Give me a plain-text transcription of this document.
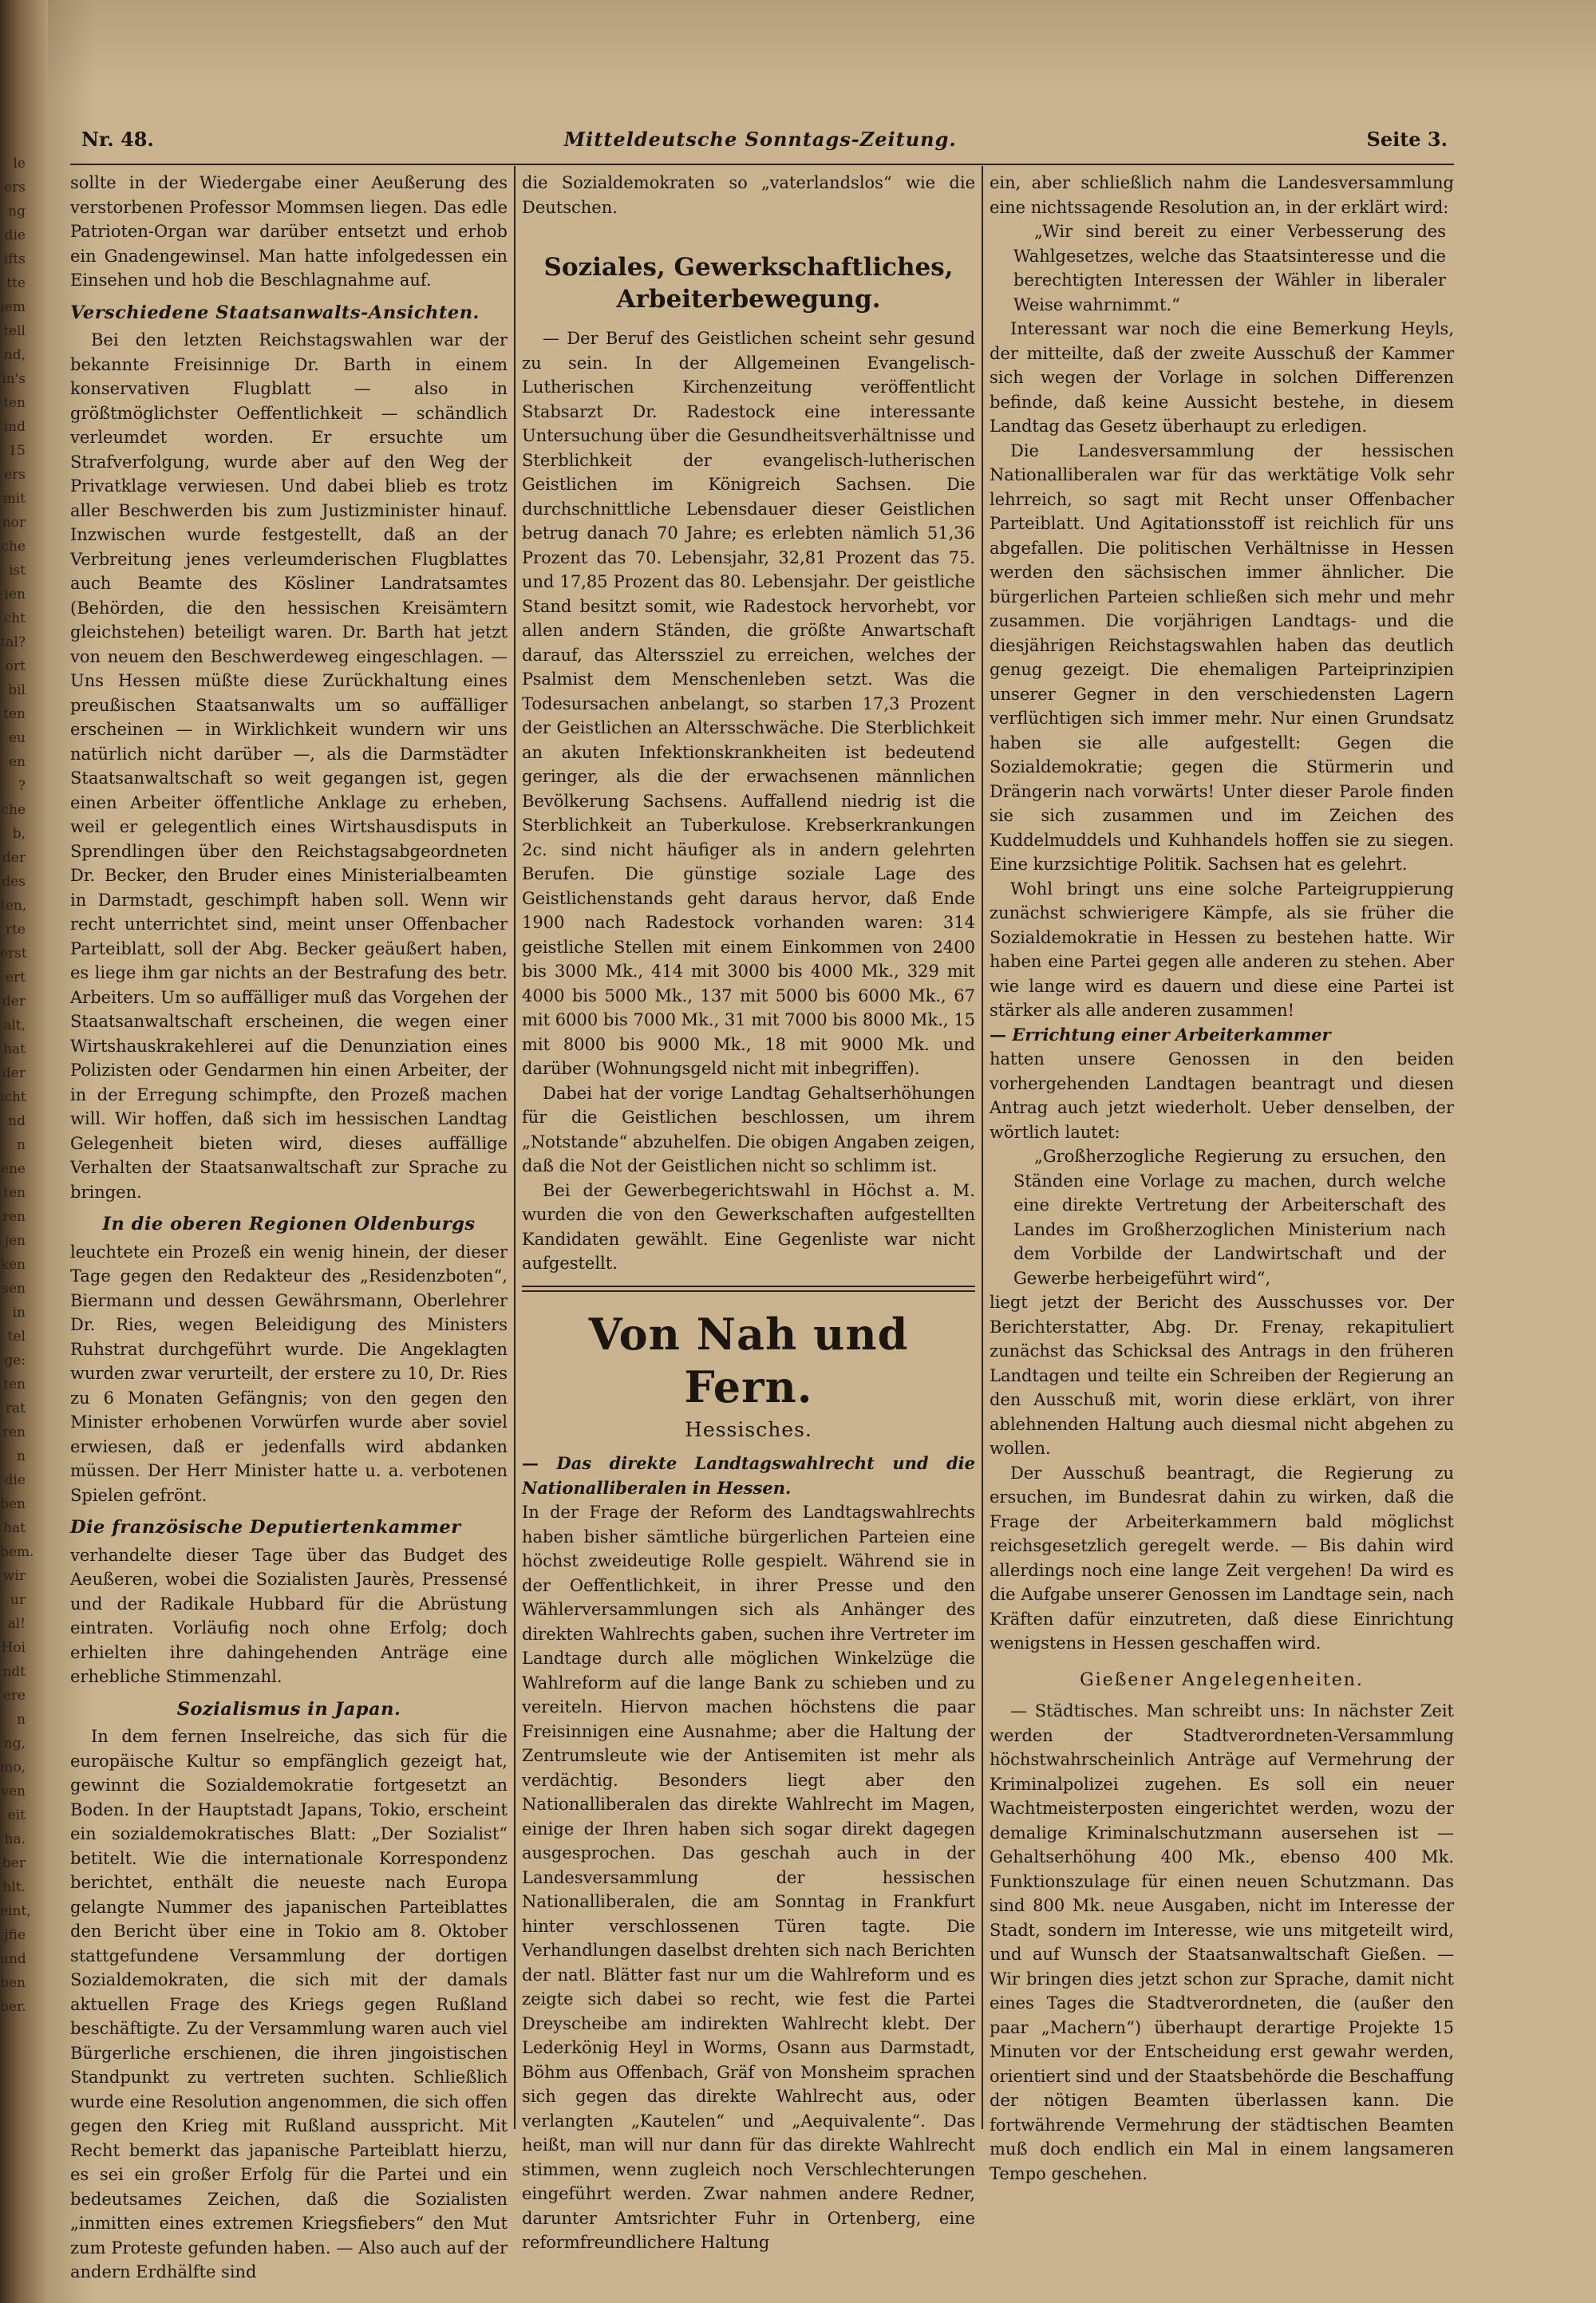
le ers ng die ifts tte iem tell nd, in's ten ind 15 ers mit nor che ist ien cht tal? ort bil ten eu en ? che b, der des ten, rte erst ert der alt, hat der icht nd n ene ten ren jen ken sen in tel ge: ten rat ren n die ben hat bem. wir ur al! Hoi ndt ere n ng, mo, ven eit ha. ber hlt. eint, jfie und ben ber.
Nr. 48.	Mitteldeutsche Sonntags-Zeitung.	Seite 3.

sollte in der Wiedergabe einer Aeußerung des verstorbenen Professor Mommsen liegen. Das edle Patrioten-Organ war darüber entsetzt und erhob ein Gnadengewinsel. Man hatte infolgedessen ein Einsehen und hob die Beschlagnahme auf.

Verschiedene Staatsanwalts-Ansichten.

Bei den letzten Reichstagswahlen war der bekannte Freisinnige Dr. Barth in einem konservativen Flugblatt — also in größtmöglichster Oeffentlichkeit — schändlich verleumdet worden. Er ersuchte um Strafverfolgung, wurde aber auf den Weg der Privatklage verwiesen. Und dabei blieb es trotz aller Beschwerden bis zum Justizminister hinauf. Inzwischen wurde festgestellt, daß an der Verbreitung jenes verleumderischen Flugblattes auch Beamte des Kösliner Landratsamtes (Behörden, die den hessischen Kreisämtern gleichstehen) beteiligt waren. Dr. Barth hat jetzt von neuem den Beschwerdeweg eingeschlagen. — Uns Hessen müßte diese Zurückhaltung eines preußischen Staatsanwalts um so auffälliger erscheinen — in Wirklichkeit wundern wir uns natürlich nicht darüber —, als die Darmstädter Staatsanwaltschaft so weit gegangen ist, gegen einen Arbeiter öffentliche Anklage zu erheben, weil er gelegentlich eines Wirtshausdisputs in Sprendlingen über den Reichstagsabgeordneten Dr. Becker, den Bruder eines Ministerialbeamten in Darmstadt, geschimpft haben soll. Wenn wir recht unterrichtet sind, meint unser Offenbacher Parteiblatt, soll der Abg. Becker geäußert haben, es liege ihm gar nichts an der Bestrafung des betr. Arbeiters. Um so auffälliger muß das Vorgehen der Staatsanwaltschaft erscheinen, die wegen einer Wirtshauskrakehlerei auf die Denunziation eines Polizisten oder Gendarmen hin einen Arbeiter, der in der Erregung schimpfte, den Prozeß machen will. Wir hoffen, daß sich im hessischen Landtag Gelegenheit bieten wird, dieses auffällige Verhalten der Staatsanwaltschaft zur Sprache zu bringen.

In die oberen Regionen Oldenburgs

leuchtete ein Prozeß ein wenig hinein, der dieser Tage gegen den Redakteur des „Residenzboten“, Biermann und dessen Gewährsmann, Oberlehrer Dr. Ries, wegen Beleidigung des Ministers Ruhstrat durchgeführt wurde. Die Angeklagten wurden zwar verurteilt, der erstere zu 10, Dr. Ries zu 6 Monaten Gefängnis; von den gegen den Minister erhobenen Vorwürfen wurde aber soviel erwiesen, daß er jedenfalls wird abdanken müssen. Der Herr Minister hatte u. a. verbotenen Spielen gefrönt.

Die französische Deputiertenkammer

verhandelte dieser Tage über das Budget des Aeußeren, wobei die Sozialisten Jaurès, Pressensé und der Radikale Hubbard für die Abrüstung eintraten. Vorläufig noch ohne Erfolg; doch erhielten ihre dahingehenden Anträge eine erhebliche Stimmenzahl.

Sozialismus in Japan.

In dem fernen Inselreiche, das sich für die europäische Kultur so empfänglich gezeigt hat, gewinnt die Sozialdemokratie fortgesetzt an Boden. In der Hauptstadt Japans, Tokio, erscheint ein sozialdemokratisches Blatt: „Der Sozialist“ betitelt. Wie die internationale Korrespondenz berichtet, enthält die neueste nach Europa gelangte Nummer des japanischen Parteiblattes den Bericht über eine in Tokio am 8. Oktober stattgefundene Versammlung der dortigen Sozialdemokraten, die sich mit der damals aktuellen Frage des Kriegs gegen Rußland beschäftigte. Zu der Versammlung waren auch viel Bürgerliche erschienen, die ihren jingoistischen Standpunkt zu vertreten suchten. Schließlich wurde eine Resolution angenommen, die sich offen gegen den Krieg mit Rußland ausspricht. Mit Recht bemerkt das japanische Parteiblatt hierzu, es sei ein großer Erfolg für die Partei und ein bedeutsames Zeichen, daß die Sozialisten „inmitten eines extremen Kriegsfiebers“ den Mut zum Proteste gefunden haben. — Also auch auf der andern Erdhälfte sind

die Sozialdemokraten so „vaterlandslos“ wie die Deutschen.

Soziales, Gewerkschaftliches, Arbeiterbewegung.

— Der Beruf des Geistlichen scheint sehr gesund zu sein. In der Allgemeinen Evangelisch-Lutherischen Kirchenzeitung veröffentlicht Stabsarzt Dr. Radestock eine interessante Untersuchung über die Gesundheitsverhältnisse und Sterblichkeit der evangelisch-lutherischen Geistlichen im Königreich Sachsen. Die durchschnittliche Lebensdauer dieser Geistlichen betrug danach 70 Jahre; es erlebten nämlich 51,36 Prozent das 70. Lebensjahr, 32,81 Prozent das 75. und 17,85 Prozent das 80. Lebensjahr. Der geistliche Stand besitzt somit, wie Radestock hervorhebt, vor allen andern Ständen, die größte Anwartschaft darauf, das Alterssziel zu erreichen, welches der Psalmist dem Menschenleben setzt. Was die Todesursachen anbelangt, so starben 17,3 Prozent der Geistlichen an Altersschwäche. Die Sterblichkeit an akuten Infektionskrankheiten ist bedeutend geringer, als die der erwachsenen männlichen Bevölkerung Sachsens. Auffallend niedrig ist die Sterblichkeit an Tuberkulose. Krebserkrankungen 2c. sind nicht häufiger als in andern gelehrten Berufen. Die günstige soziale Lage des Geistlichenstands geht daraus hervor, daß Ende 1900 nach Radestock vorhanden waren: 314 geistliche Stellen mit einem Einkommen von 2400 bis 3000 Mk., 414 mit 3000 bis 4000 Mk., 329 mit 4000 bis 5000 Mk., 137 mit 5000 bis 6000 Mk., 67 mit 6000 bis 7000 Mk., 31 mit 7000 bis 8000 Mk., 15 mit 8000 bis 9000 Mk., 18 mit 9000 Mk. und darüber (Wohnungsgeld nicht mit inbegriffen).

Dabei hat der vorige Landtag Gehaltserhöhungen für die Geistlichen beschlossen, um ihrem „Notstande“ abzuhelfen. Die obigen Angaben zeigen, daß die Not der Geistlichen nicht so schlimm ist.

Bei der Gewerbegerichtswahl in Höchst a. M. wurden die von den Gewerkschaften aufgestellten Kandidaten gewählt. Eine Gegenliste war nicht aufgestellt.

Von Nah und Fern.
Hessisches.

— Das direkte Landtagswahlrecht und die Nationalliberalen in Hessen.

In der Frage der Reform des Landtagswahlrechts haben bisher sämtliche bürgerlichen Parteien eine höchst zweideutige Rolle gespielt. Während sie in der Oeffentlichkeit, in ihrer Presse und den Wählerversammlungen sich als Anhänger des direkten Wahlrechts gaben, suchen ihre Vertreter im Landtage durch alle möglichen Winkelzüge die Wahlreform auf die lange Bank zu schieben und zu vereiteln. Hiervon machen höchstens die paar Freisinnigen eine Ausnahme; aber die Haltung der Zentrumsleute wie der Antisemiten ist mehr als verdächtig. Besonders liegt aber den Nationalliberalen das direkte Wahlrecht im Magen, einige der Ihren haben sich sogar direkt dagegen ausgesprochen. Das geschah auch in der Landesversammlung der hessischen Nationalliberalen, die am Sonntag in Frankfurt hinter verschlossenen Türen tagte. Die Verhandlungen daselbst drehten sich nach Berichten der natl. Blätter fast nur um die Wahlreform und es zeigte sich dabei so recht, wie fest die Partei Dreyscheibe am indirekten Wahlrecht klebt. Der Lederkönig Heyl in Worms, Osann aus Darmstadt, Böhm aus Offenbach, Gräf von Monsheim sprachen sich gegen das direkte Wahlrecht aus, oder verlangten „Kautelen“ und „Aequivalente“. Das heißt, man will nur dann für das direkte Wahlrecht stimmen, wenn zugleich noch Verschlechterungen eingeführt werden. Zwar nahmen andere Redner, darunter Amtsrichter Fuhr in Ortenberg, eine reformfreundlichere Haltung

ein, aber schließlich nahm die Landesversammlung eine nichtssagende Resolution an, in der erklärt wird:

„Wir sind bereit zu einer Verbesserung des Wahlgesetzes, welche das Staatsinteresse und die berechtigten Interessen der Wähler in liberaler Weise wahrnimmt.“

Interessant war noch die eine Bemerkung Heyls, der mitteilte, daß der zweite Ausschuß der Kammer sich wegen der Vorlage in solchen Differenzen befinde, daß keine Aussicht bestehe, in diesem Landtag das Gesetz überhaupt zu erledigen.

Die Landesversammlung der hessischen Nationalliberalen war für das werktätige Volk sehr lehrreich, so sagt mit Recht unser Offenbacher Parteiblatt. Und Agitationsstoff ist reichlich für uns abgefallen. Die politischen Verhältnisse in Hessen werden den sächsischen immer ähnlicher. Die bürgerlichen Parteien schließen sich mehr und mehr zusammen. Die vorjährigen Landtags- und die diesjährigen Reichstagswahlen haben das deutlich genug gezeigt. Die ehemaligen Parteiprinzipien unserer Gegner in den verschiedensten Lagern verflüchtigen sich immer mehr. Nur einen Grundsatz haben sie alle aufgestellt: Gegen die Sozialdemokratie; gegen die Stürmerin und Drängerin nach vorwärts! Unter dieser Parole finden sie sich zusammen und im Zeichen des Kuddelmuddels und Kuhhandels hoffen sie zu siegen. Eine kurzsichtige Politik. Sachsen hat es gelehrt.

Wohl bringt uns eine solche Parteigruppierung zunächst schwierigere Kämpfe, als sie früher die Sozialdemokratie in Hessen zu bestehen hatte. Wir haben eine Partei gegen alle anderen zu stehen. Aber wie lange wird es dauern und diese eine Partei ist stärker als alle anderen zusammen!

— Errichtung einer Arbeiterkammer

hatten unsere Genossen in den beiden vorhergehenden Landtagen beantragt und diesen Antrag auch jetzt wiederholt. Ueber denselben, der wörtlich lautet:

„Großherzogliche Regierung zu ersuchen, den Ständen eine Vorlage zu machen, durch welche eine direkte Vertretung der Arbeiterschaft des Landes im Großherzoglichen Ministerium nach dem Vorbilde der Landwirtschaft und der Gewerbe herbeigeführt wird“,

liegt jetzt der Bericht des Ausschusses vor. Der Berichterstatter, Abg. Dr. Frenay, rekapituliert zunächst das Schicksal des Antrags in den früheren Landtagen und teilte ein Schreiben der Regierung an den Ausschuß mit, worin diese erklärt, von ihrer ablehnenden Haltung auch diesmal nicht abgehen zu wollen.

Der Ausschuß beantragt, die Regierung zu ersuchen, im Bundesrat dahin zu wirken, daß die Frage der Arbeiterkammern bald möglichst reichsgesetzlich geregelt werde. — Bis dahin wird allerdings noch eine lange Zeit vergehen! Da wird es die Aufgabe unserer Genossen im Landtage sein, nach Kräften dafür einzutreten, daß diese Einrichtung wenigstens in Hessen geschaffen wird.

Gießener Angelegenheiten.

— Städtisches. Man schreibt uns: In nächster Zeit werden der Stadtverordneten-Versammlung höchstwahrscheinlich Anträge auf Vermehrung der Kriminalpolizei zugehen. Es soll ein neuer Wachtmeisterposten eingerichtet werden, wozu der demalige Kriminalschutzmann ausersehen ist — Gehaltserhöhung 400 Mk., ebenso 400 Mk. Funktionszulage für einen neuen Schutzmann. Das sind 800 Mk. neue Ausgaben, nicht im Interesse der Stadt, sondern im Interesse, wie uns mitgeteilt wird, und auf Wunsch der Staatsanwaltschaft Gießen. — Wir bringen dies jetzt schon zur Sprache, damit nicht eines Tages die Stadtverordneten, die (außer den paar „Machern“) überhaupt derartige Projekte 15 Minuten vor der Entscheidung erst gewahr werden, orientiert sind und der Staatsbehörde die Beschaffung der nötigen Beamten überlassen kann. Die fortwährende Vermehrung der städtischen Beamten muß doch endlich ein Mal in einem langsameren Tempo geschehen.
